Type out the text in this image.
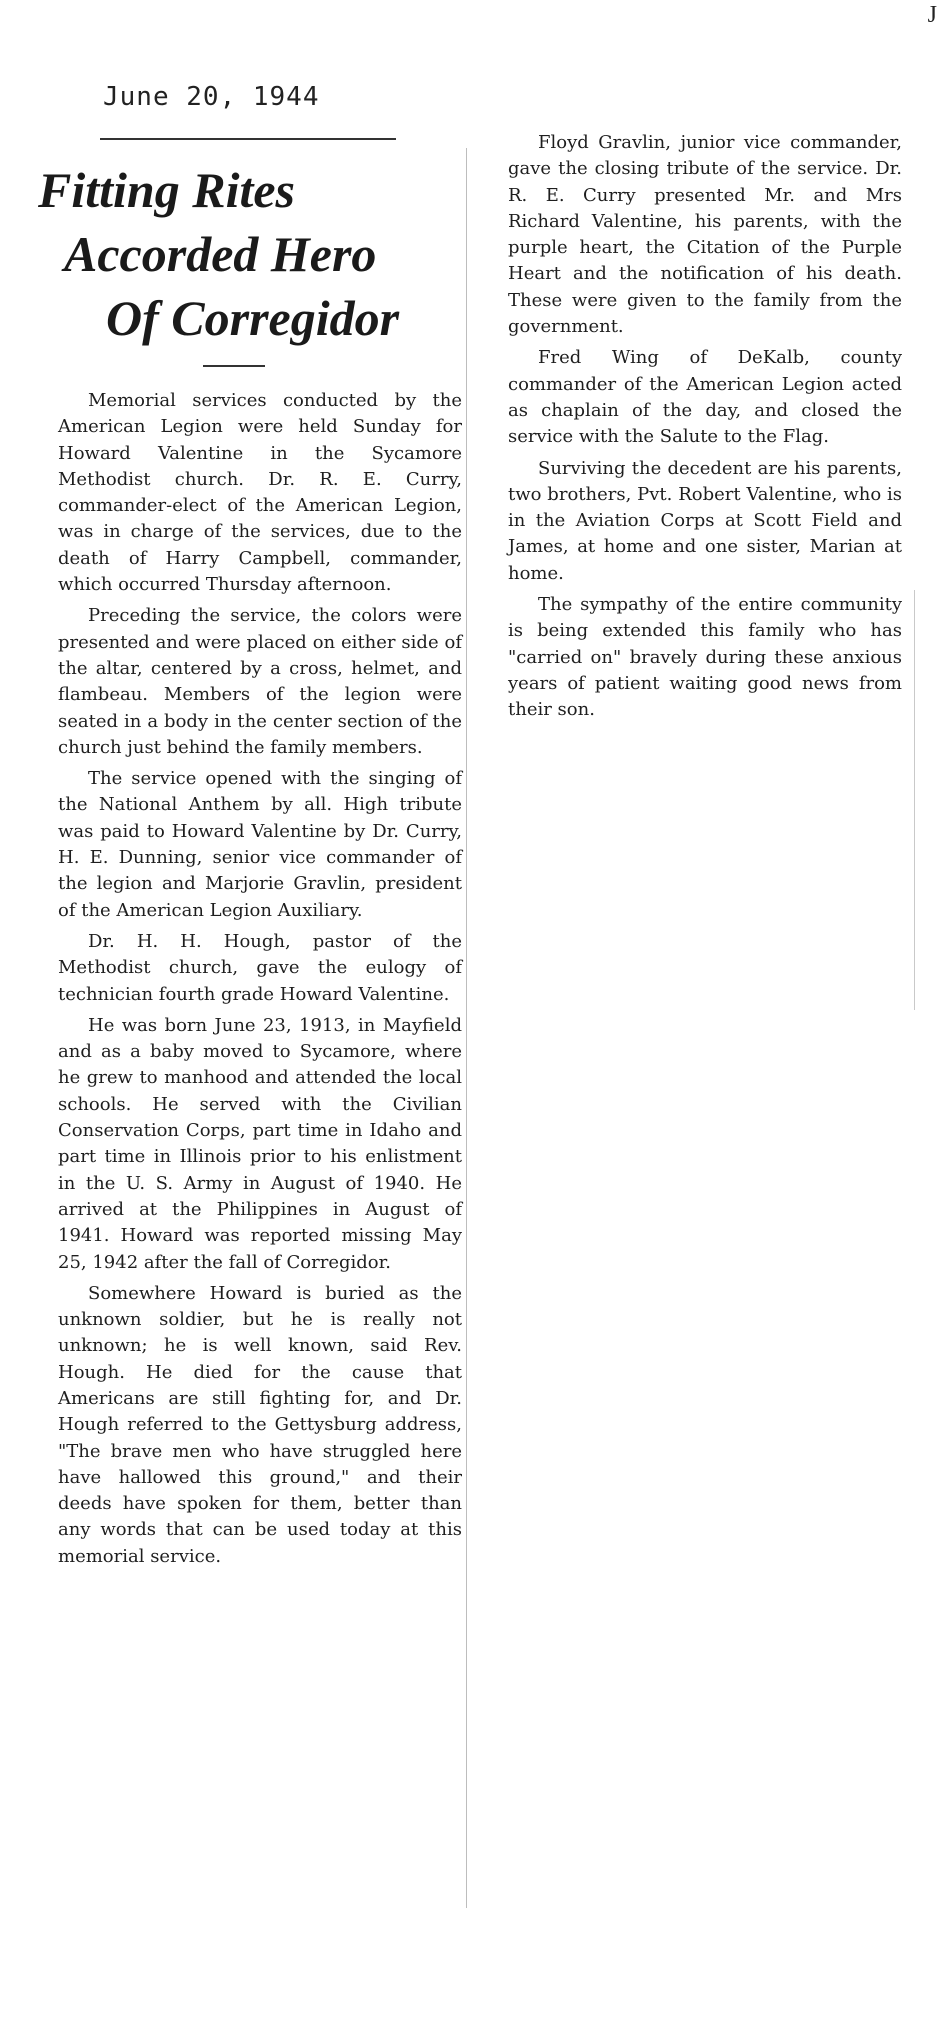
J
June 20, 1944
Fitting Rites
Accorded Hero
Of Corregidor

Memorial services conducted by the American Legion were held Sunday for Howard Valentine in the Sycamore Methodist church. Dr. R. E. Curry, commander-elect of the American Legion, was in charge of the services, due to the death of Harry Campbell, commander, which occurred Thursday afternoon.

Preceding the service, the colors were presented and were placed on either side of the altar, centered by a cross, helmet, and flambeau. Members of the legion were seated in a body in the center section of the church just behind the family members.

The service opened with the singing of the National Anthem by all. High tribute was paid to Howard Valentine by Dr. Curry, H. E. Dunning, senior vice commander of the legion and Marjorie Gravlin, president of the American Legion Auxiliary.

Dr. H. H. Hough, pastor of the Methodist church, gave the eulogy of technician fourth grade Howard Valentine.

He was born June 23, 1913, in Mayfield and as a baby moved to Sycamore, where he grew to manhood and attended the local schools. He served with the Civilian Conservation Corps, part time in Idaho and part time in Illinois prior to his enlistment in the U. S. Army in August of 1940. He arrived at the Philippines in August of 1941. Howard was reported missing May 25, 1942 after the fall of Corregidor.

Somewhere Howard is buried as the unknown soldier, but he is really not unknown; he is well known, said Rev. Hough. He died for the cause that Americans are still fighting for, and Dr. Hough referred to the Gettysburg address, "The brave men who have struggled here have hallowed this ground," and their deeds have spoken for them, better than any words that can be used today at this memorial service.

Floyd Gravlin, junior vice commander, gave the closing tribute of the service. Dr. R. E. Curry presented Mr. and Mrs Richard Valentine, his parents, with the purple heart, the Citation of the Purple Heart and the notification of his death. These were given to the family from the government.

Fred Wing of DeKalb, county commander of the American Legion acted as chaplain of the day, and closed the service with the Salute to the Flag.

Surviving the decedent are his parents, two brothers, Pvt. Robert Valentine, who is in the Aviation Corps at Scott Field and James, at home and one sister, Marian at home.

The sympathy of the entire community is being extended this family who has "carried on" bravely during these anxious years of patient waiting good news from their son.
